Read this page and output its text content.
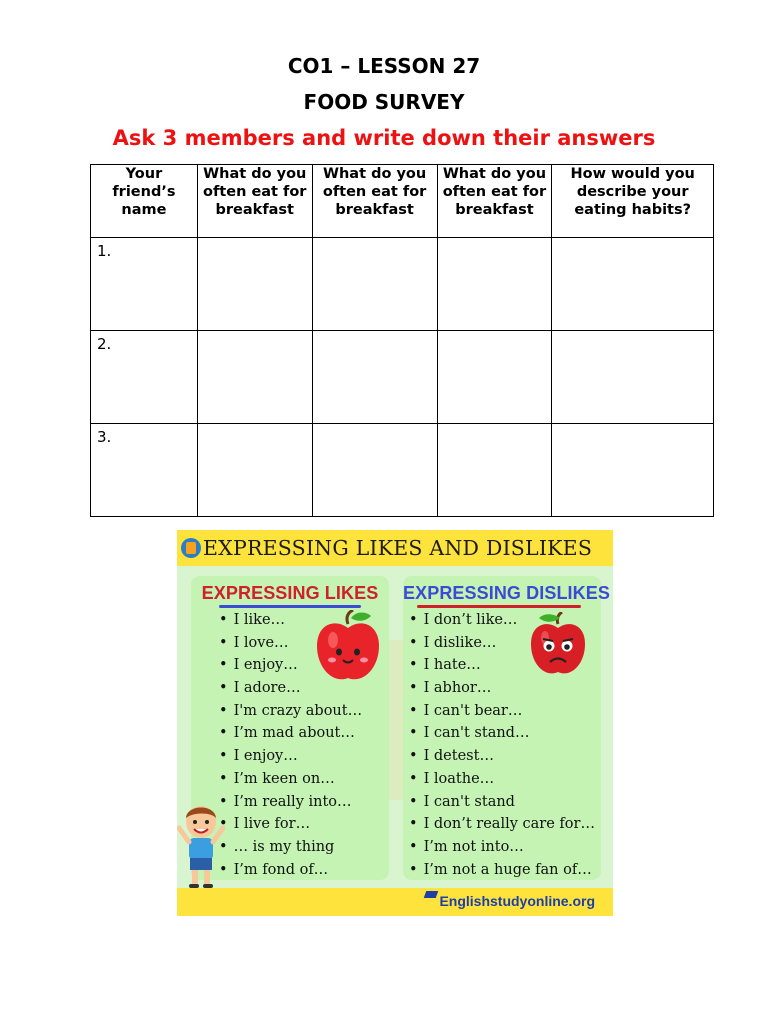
CO1 – LESSON 27
FOOD SURVEY
Ask 3 members and write down their answers
Your friend’s name	What do you often eat for breakfast	What do you often eat for breakfast	What do you often eat for breakfast	How would you describe your eating habits?
1.				
2.				
3.				
EXPRESSING LIKES AND DISLIKES
EXPRESSING LIKES
• I like…
• I love…
• I enjoy…
• I adore…
• I'm crazy about…
• I’m mad about…
• I enjoy…
• I’m keen on…
• I’m really into…
• I live for…
• … is my thing
• I’m fond of…
EXPRESSING DISLIKES
• I don’t like…
• I dislike…
• I hate…
• I abhor…
• I can't bear…
• I can't stand…
• I detest…
• I loathe…
• I can't stand
• I don’t really care for…
• I’m not into…
• I’m not a huge fan of…
Englishstudyonline.org
